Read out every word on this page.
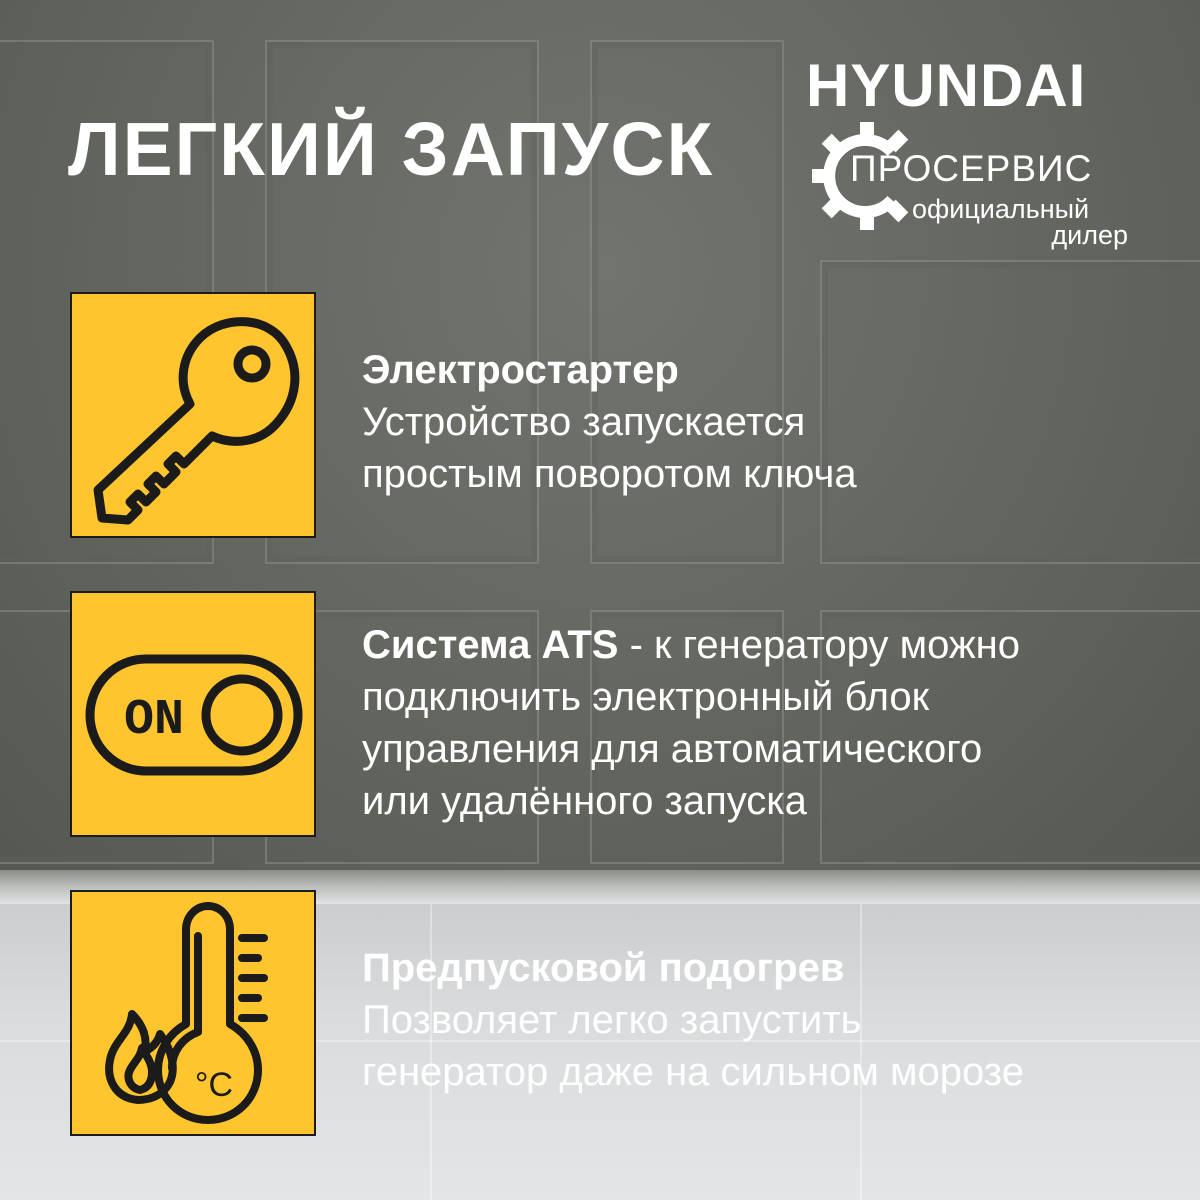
ЛЕГКИЙ ЗАПУСК
HYUNDAI
ПРОСЕРВИС
официальный
дилер
Электростартер
Устройство запускается
простым поворотом ключа
ON
Система ATS - к генератору можно
подключить электронный блок
управления для автоматического
или удалённого запуска
°C
Предпусковой подогрев
Позволяет легко запустить
генератор даже на сильном морозе
